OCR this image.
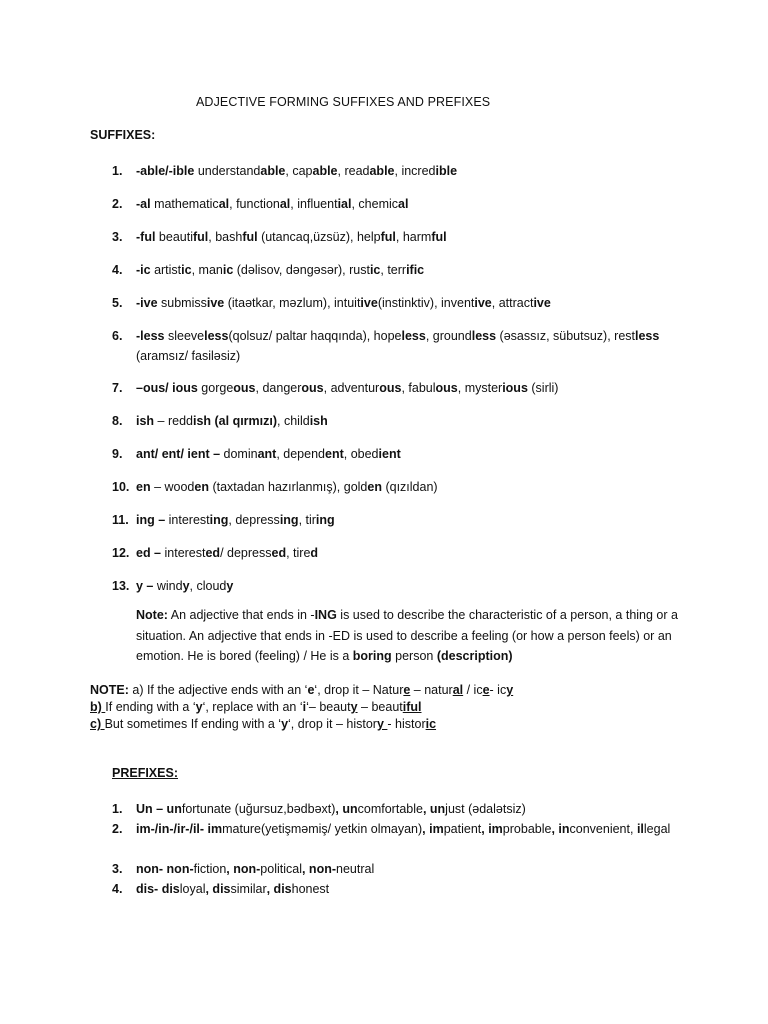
ADJECTIVE FORMING SUFFIXES AND PREFIXES
SUFFIXES:
1. -able/-ible understandable, capable, readable, incredible
2. -al mathematical, functional, influential, chemical
3. -ful beautiful, bashful (utancaq,üzsüz), helpful, harmful
4. -ic artistic, manic (dəlisov, dəngəsər), rustic, terrific
5. -ive submissive (itaətkar, məzlum), intuitive(instinktiv), inventive, attractive
6. -less sleeveless(qolsuz/ paltar haqqında), hopeless, groundless (əsassız, sübutsuz), restless (aramsız/ fasiləsiz)
7. –ous/ ious gorgeous, dangerous, adventurous, fabulous, mysterious (sirli)
8. ish – reddish (al qırmızı), childish
9. ant/ ent/ ient – dominant, dependent, obedient
10. en – wooden (taxtadan hazırlanmış), golden (qızıldan)
11. ing – interesting, depressing, tiring
12. ed – interested/ depressed, tired
13. y – windy, cloudy
Note: An adjective that ends in -ING is used to describe the characteristic of a person, a thing or a situation. An adjective that ends in -ED is used to describe a feeling (or how a person feels) or an emotion. He is bored (feeling) / He is a boring person (description)
NOTE: a) If the adjective ends with an ‘e‘, drop it – Nature – natural / ice- icy
b) If ending with a ‘y‘, replace with an ‘i‘– beauty – beautiful
c) But sometimes If ending with a ‘y‘, drop it – history - historic
PREFIXES:
1. Un – unfortunate (uğursuz,bədbəxt), uncomfortable, unjust (ədalətsiz)
2. im-/in-/ir-/il- immature(yetişməmiş/ yetkin olmayan), impatient, improbable, inconvenient, illegal
3. non- non-fiction, non-political, non-neutral
4. dis- disloyal, dissimilar, dishonest
